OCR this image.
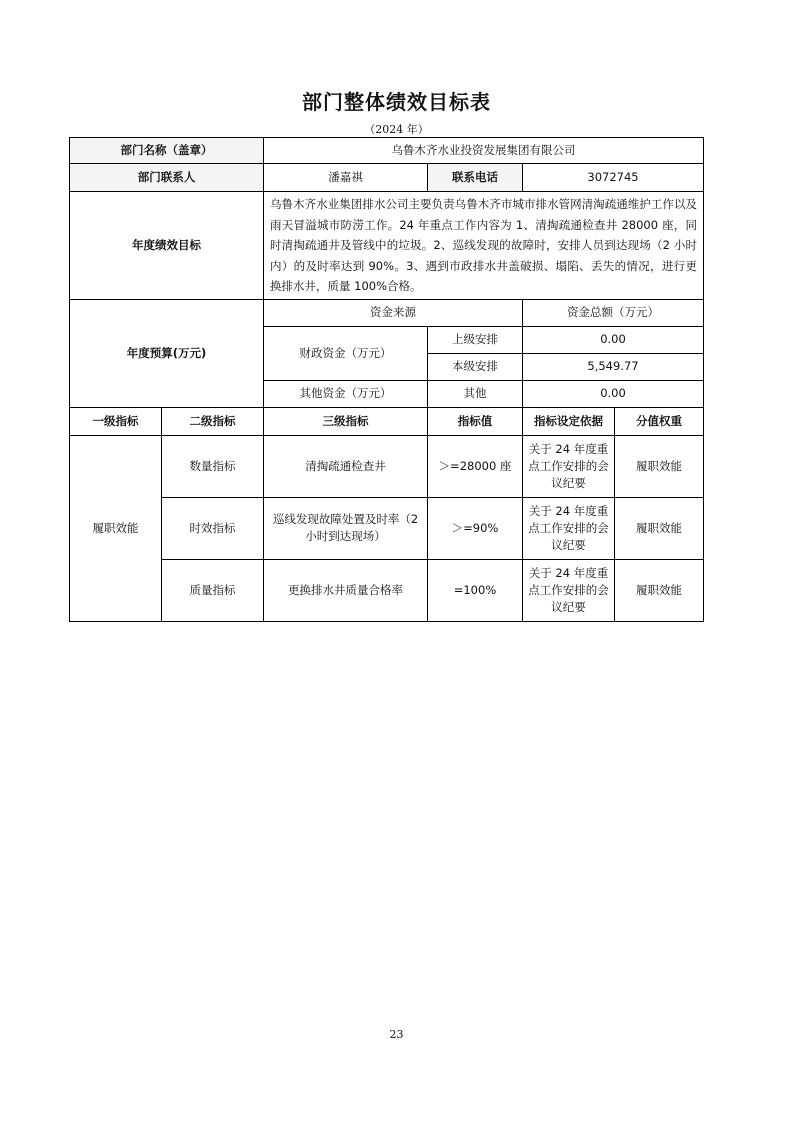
部门整体绩效目标表
（2024 年）
部门名称（盖章）		乌鲁木齐水业投资发展集团有限公司			
部门联系人		潘嘉祺	联系电话	3072745	
年度绩效目标		乌鲁木齐水业集团排水公司主要负责乌鲁木齐市城市排水管网清淘疏通维护工作以及雨天冒溢城市防涝工作。24 年重点工作内容为 1、清掏疏通检查井 28000 座，同时清掏疏通井及管线中的垃圾。2、巡线发现的故障时，安排人员到达现场（2 小时内）的及时率达到 90%。3、遇到市政排水井盖破损、塌陷、丢失的情况，进行更换排水井，质量 100%合格。			
年度预算(万元)		资金来源		资金总额（万元）	
		财政资金（万元）	上级安排	0.00	
			本级安排	5,549.77	
		其他资金（万元）	其他	0.00	
一级指标	二级指标	三级指标	指标值	指标设定依据	分值权重
履职效能	数量指标	清掏疏通检查井	＞=28000 座	关于 24 年度重点工作安排的会议纪要	履职效能
	时效指标	巡线发现故障处置及时率（2 小时到达现场）	＞=90%	关于 24 年度重点工作安排的会议纪要	履职效能
	质量指标	更换排水井质量合格率	=100%	关于 24 年度重点工作安排的会议纪要	履职效能
23
